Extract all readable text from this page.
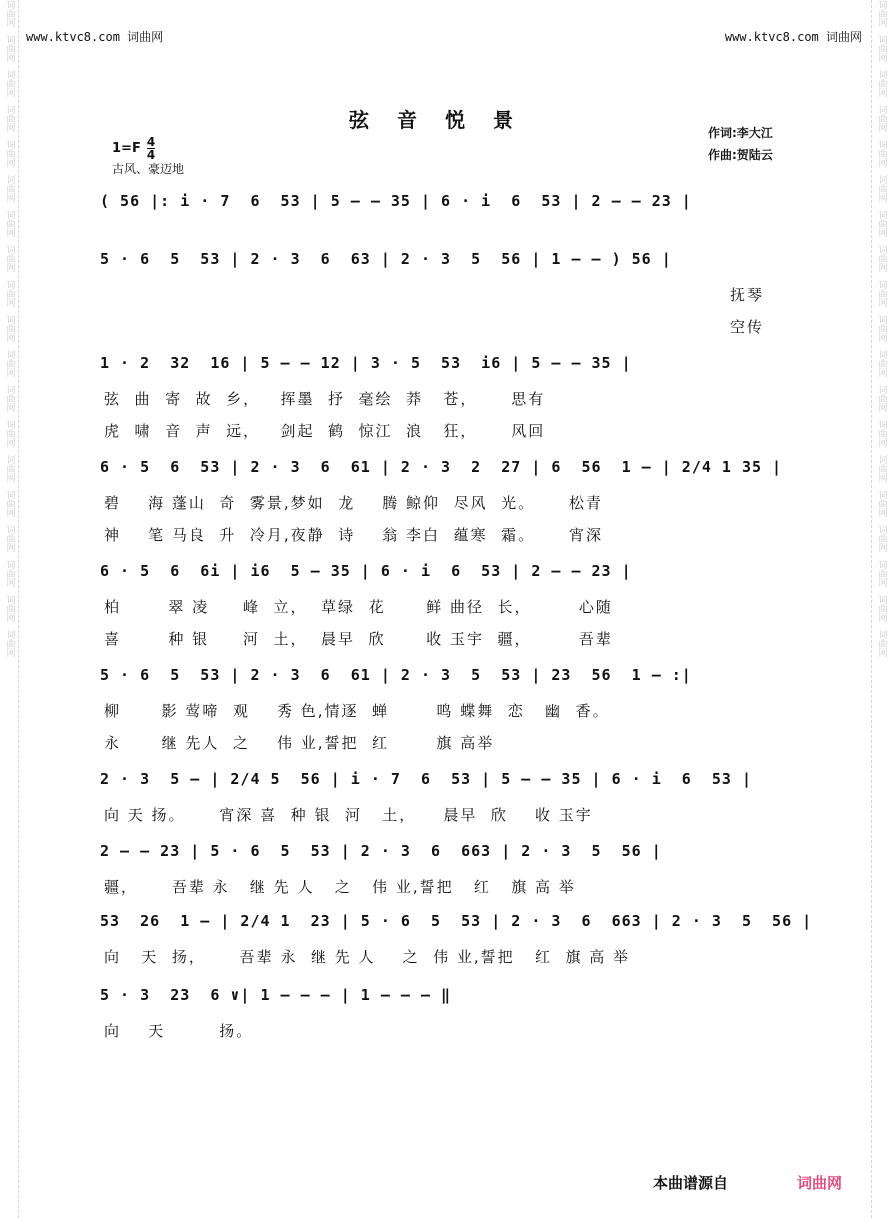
词曲网
词曲网
词曲网
词曲网
词曲网
词曲网
词曲网
词曲网
词曲网
词曲网
词曲网
词曲网
词曲网
词曲网
词曲网
词曲网
词曲网
词曲网
词曲网
词曲网
词曲网
词曲网
词曲网
词曲网
词曲网
词曲网
词曲网
词曲网
词曲网
词曲网
词曲网
词曲网
词曲网
词曲网
词曲网
词曲网
词曲网
词曲网
www.ktvc8.com 词曲网	www.ktvc8.com 词曲网
弦音悦景
$1=F \frac{4}{4}$
古风、豪迈地
作词:李大江
作曲:贺陆云
( 56 |: i · 7  6  53 | 5 — — 35 | 6 · i  6  53 | 2 — — 23 |
5 · 6  5  53 | 2 · 3  6  63 | 2 · 3  5  56 | 1 — — ) 56 |
抚琴
空传
1 · 2  32  16 | 5 — — 12 | 3 · 5  53  i6 | 5 — — 35 |
弦  曲  寄  故  乡，   挥墨  抒  毫绘  莽   苍，     思有
虎  啸  音  声  远，   剑起  鹤  惊江  浪   狂，     风回
6 · 5  6  53 | 2 · 3  6  61 | 2 · 3  2  27 | 6  56  1 — | 2/4 1 35 |
碧    海 蓬山  奇  雾景,梦如  龙    腾 鲸仰  尽风  光。     松青
神    笔 马良  升  冷月,夜静  诗    翁 李白  蕴寒  霜。     宵深
6 · 5  6  6i | i6  5 — 35 | 6 · i  6  53 | 2 — — 23 |
柏       翠 凌     峰  立，  草绿  花      鲜 曲径  长，       心随
喜       种 银     河  土，  晨早  欣      收 玉宇  疆，       吾辈
5 · 6  5  53 | 2 · 3  6  61 | 2 · 3  5  53 | 23  56  1 — :|
柳      影 莺啼  观    秀 色,情逐  蝉       鸣 蝶舞  恋   幽  香。
永      继 先人  之    伟 业,誓把  红       旗 高举
2 · 3  5 — | 2/4 5  56 | i · 7  6  53 | 5 — — 35 | 6 · i  6  53 |
向 天 扬。     宵深 喜  种 银  河   土，    晨早  欣    收 玉宇
2 — — 23 | 5 · 6  5  53 | 2 · 3  6  663 | 2 · 3  5  56 |
疆，     吾辈 永   继 先 人   之   伟 业,誓把   红   旗 高 举
53  26  1 — | 2/4 1  23 | 5 · 6  5  53 | 2 · 3  6  663 | 2 · 3  5  56 |
向   天  扬，     吾辈 永  继 先 人    之  伟 业,誓把   红  旗 高 举
5 · 3  23  6 ∨| 1 — — — | 1 — — — ‖
向    天        扬。
本曲谱源自	词曲网
